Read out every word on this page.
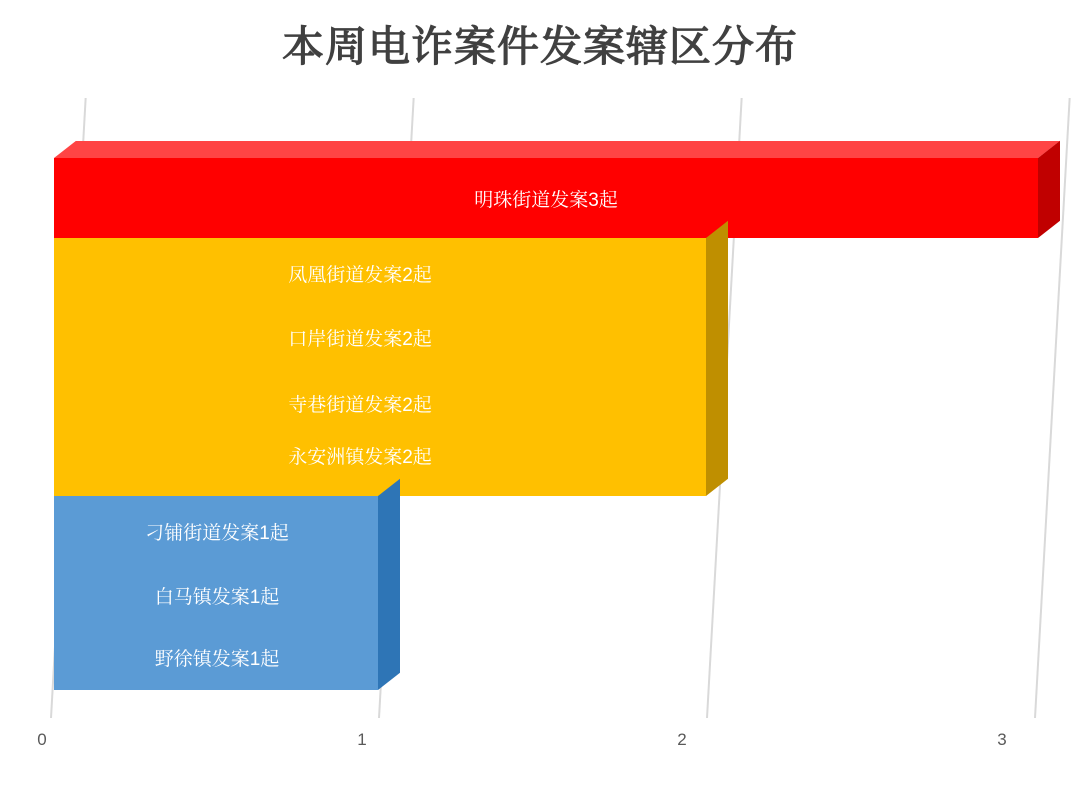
本周电诈案件发案辖区分布
0	1	2	3
明珠街道发案3起
凤凰街道发案2起
口岸街道发案2起
寺巷街道发案2起
永安洲镇发案2起
刁铺街道发案1起
白马镇发案1起
野徐镇发案1起
